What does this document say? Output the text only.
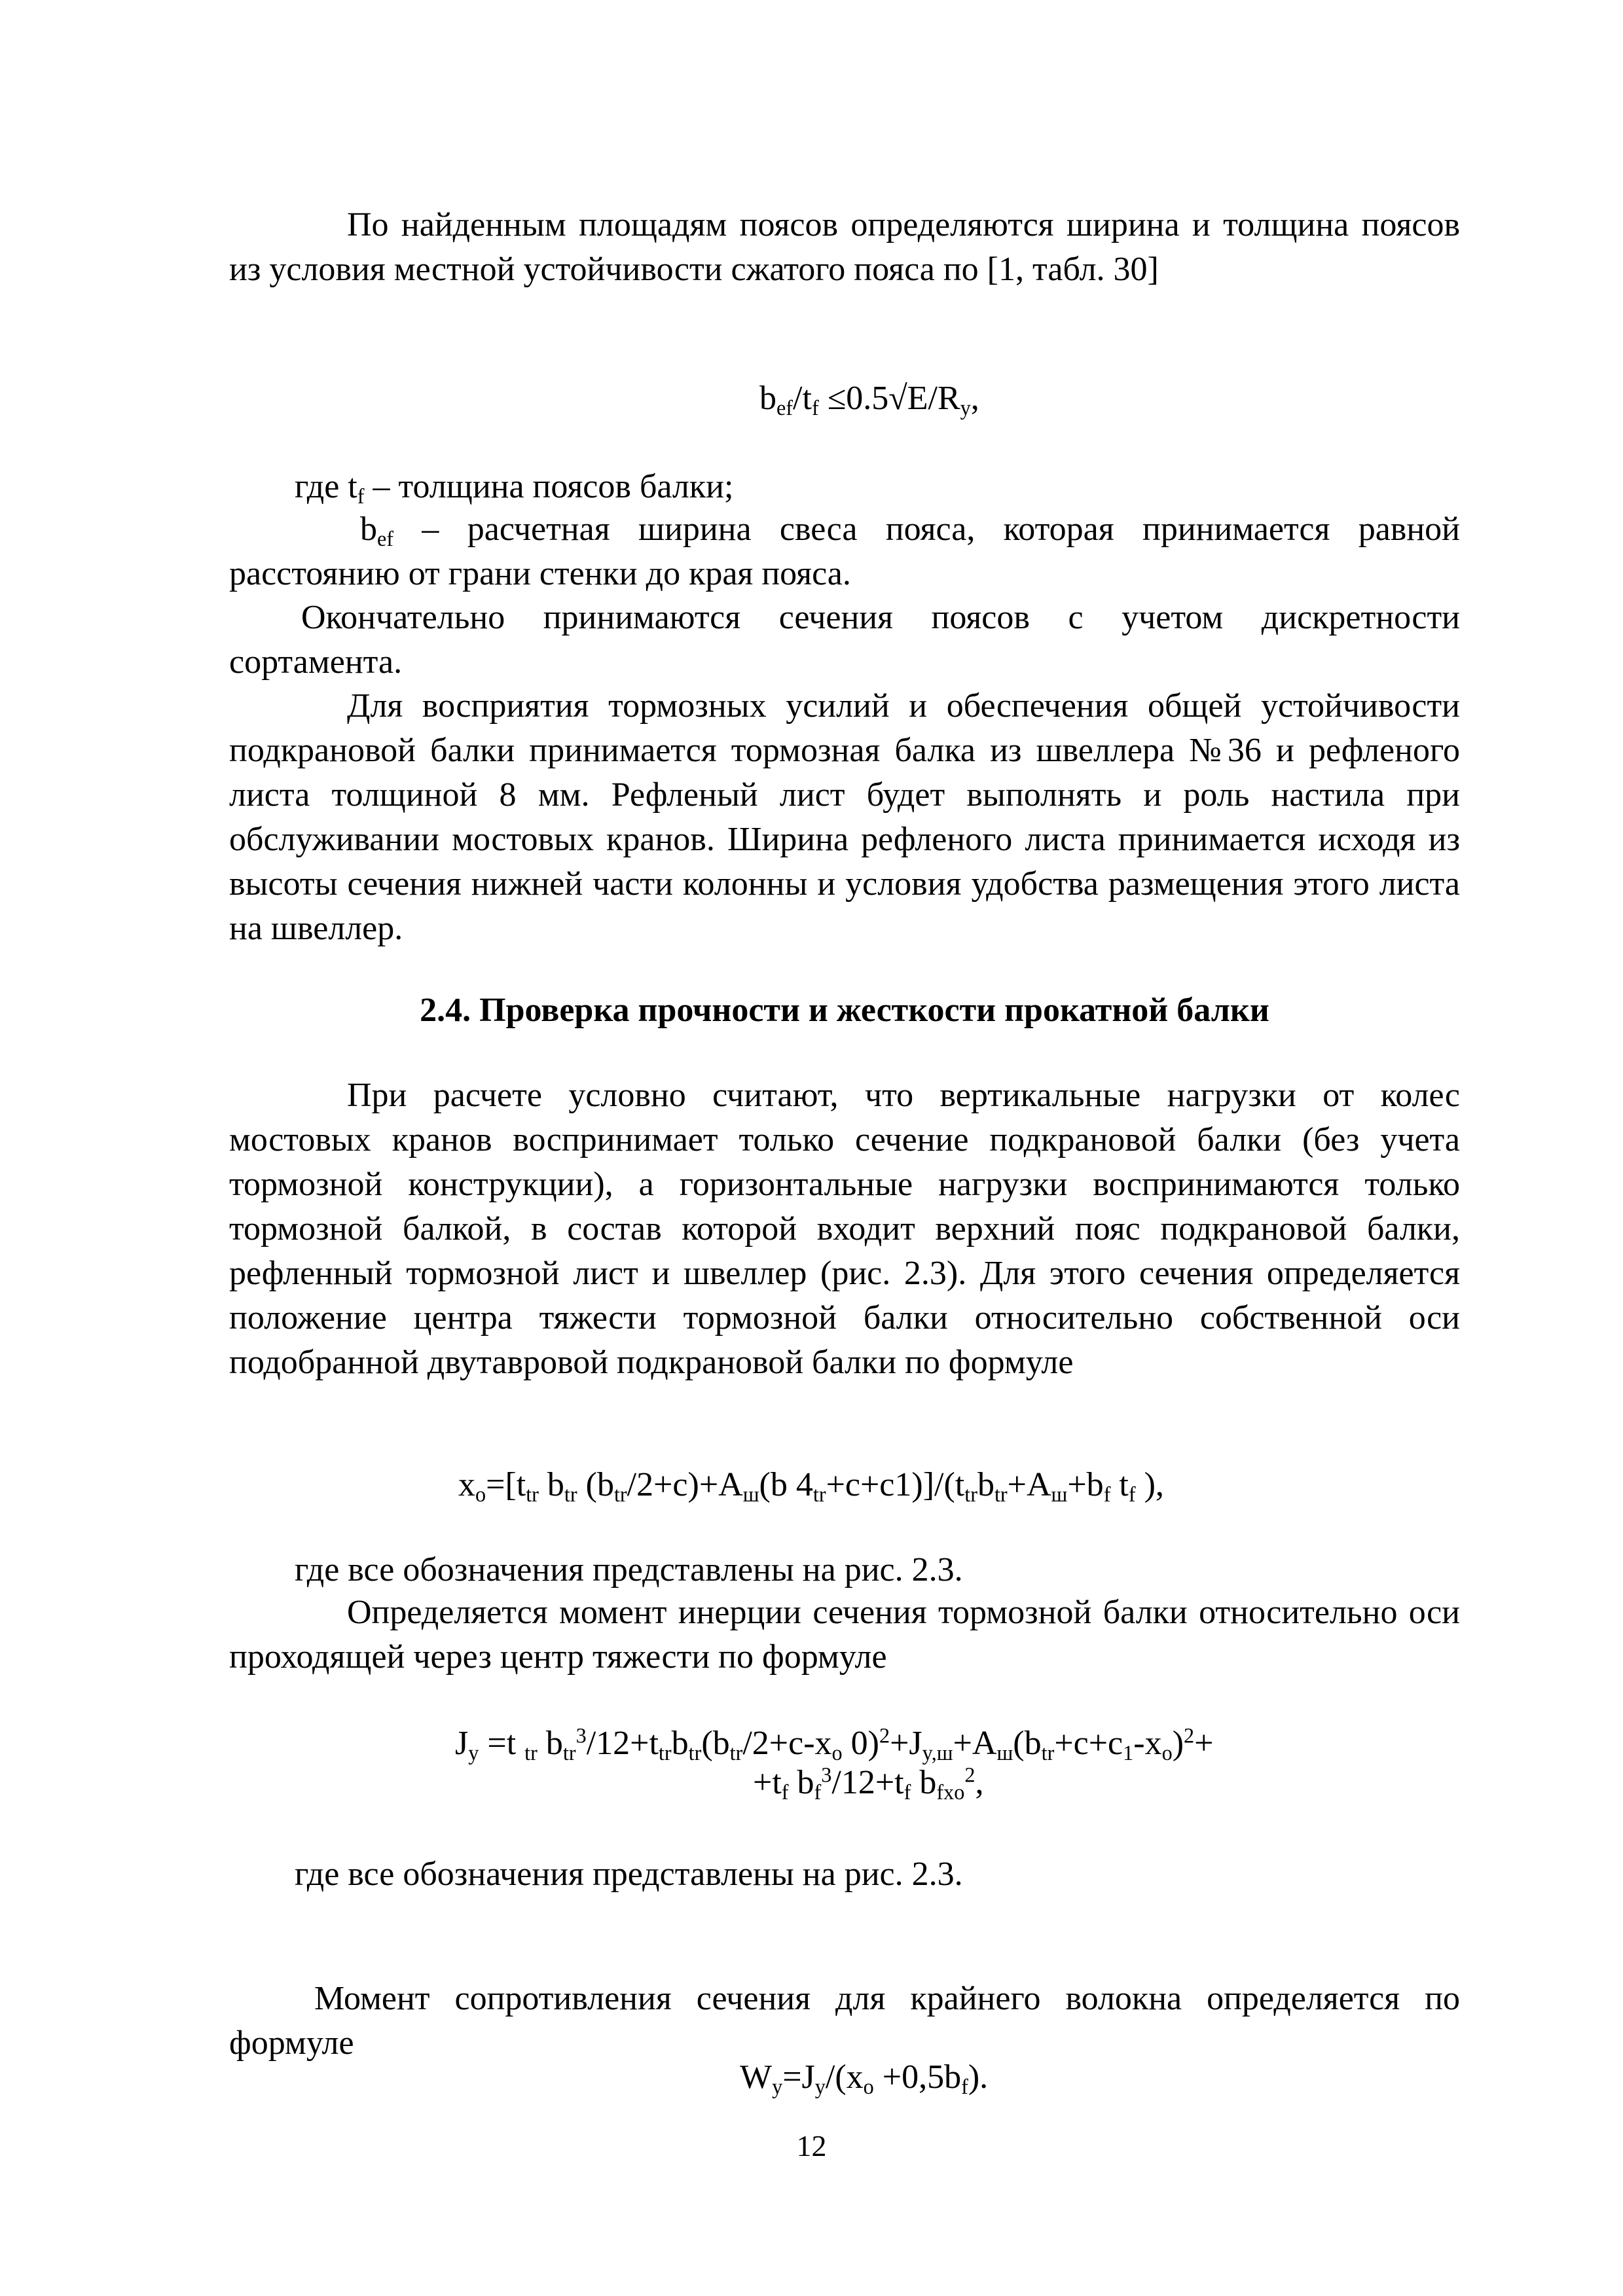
По найденным площадям поясов определяются ширина и толщина поясов из условия местной устойчивости сжатого пояса по [1, табл. 30]

$b_{ef}/t_f \le 0.5√E/R_y$,

где $t_f$ – толщина поясов балки;

$b_{ef}$ – расчетная ширина свеса пояса, которая принимается равной расстоянию от грани стенки до края пояса.

Окончательно принимаются сечения поясов с учетом дискретности сортамента.

Для восприятия тормозных усилий и обеспечения общей устойчивости подкрановой балки принимается тормозная балка из швеллера №36 и рефленого листа толщиной 8 мм. Рефленый лист будет выполнять и роль настила при обслуживании мостовых кранов. Ширина рефленого листа принимается исходя из высоты сечения нижней части колонны и условия удобства размещения этого листа на швеллер.

2.4. Проверка прочности и жесткости прокатной балки

При расчете условно считают, что вертикальные нагрузки от колес мостовых кранов воспринимает только сечение подкрановой балки (без учета тормозной конструкции), а горизонтальные нагрузки воспринимаются только тормозной балкой, в состав которой входит верхний пояс подкрановой балки, рефленный тормозной лист и швеллер (рис. 2.3). Для этого сечения определяется положение центра тяжести тормозной балки относительно собственной оси подобранной двутавровой подкрановой балки по формуле

$x_o=[t_{tr}$ $b_{tr}$ $(b_{tr}/2+c)+A_ш(b$ $4_{tr}+c+c1)]/(t_{tr}b_{tr}+A_ш+b_f$ $t_f$ ),

где все обозначения представлены на рис. 2.3.

Определяется момент инерции сечения тормозной балки относительно оси проходящей через центр тяжести по формуле

$J_y =t$ $_{tr}$ $b_{tr}^3/12+t_{tr}b_{tr}(b_{tr}/2+c-x_o$ $0)^2+J_{y,ш}+A_ш(b_{tr}+c+c_1-x_o)^2+$
$+t_f$ $b_f^3/12+t_f$ $b_{fxo}^2$,

где все обозначения представлены на рис. 2.3.

Момент сопротивления сечения для крайнего волокна определяется по формуле

$W_y=J_y/(x_o +0,5b_f)$.
12
